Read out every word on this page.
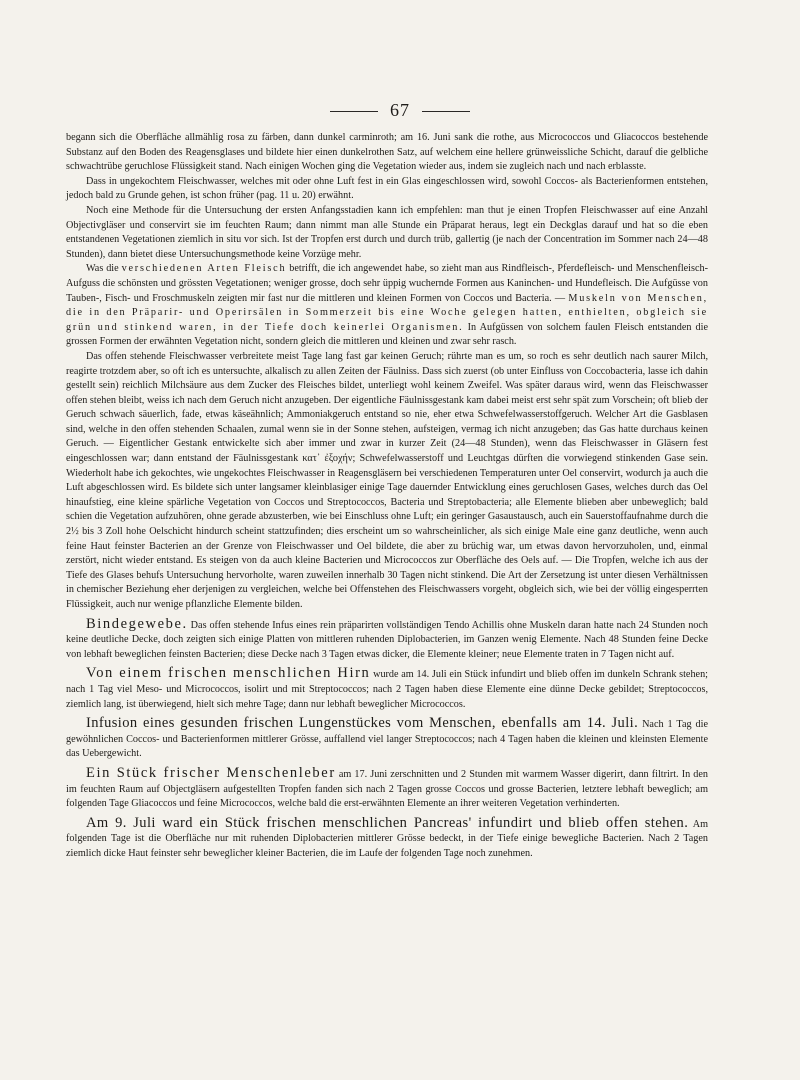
67

begann sich die Oberfläche allmählig rosa zu färben, dann dunkel carminroth; am 16. Juni sank die rothe, aus Micrococcos und Gliacoccos bestehende Substanz auf den Boden des Reagensglases und bildete hier einen dunkelrothen Satz, auf welchem eine hellere grünweissliche Schicht, darauf die gelbliche schwachtrübe geruchlose Flüssigkeit stand. Nach einigen Wochen ging die Vegetation wieder aus, indem sie zugleich nach und nach erblasste.

Dass in ungekochtem Fleischwasser, welches mit oder ohne Luft fest in ein Glas eingeschlossen wird, sowohl Coccos- als Bacterienformen entstehen, jedoch bald zu Grunde gehen, ist schon früher (pag. 11 u. 20) erwähnt.

Noch eine Methode für die Untersuchung der ersten Anfangsstadien kann ich empfehlen: man thut je einen Tropfen Fleischwasser auf eine Anzahl Objectivgläser und conservirt sie im feuchten Raum; dann nimmt man alle Stunde ein Präparat heraus, legt ein Deckglas darauf und hat so die eben entstandenen Vegetationen ziemlich in situ vor sich. Ist der Tropfen erst durch und durch trüb, gallertig (je nach der Concentration im Sommer nach 24—48 Stunden), dann bietet diese Untersuchungsmethode keine Vorzüge mehr.

Was die verschiedenen Arten Fleisch betrifft, die ich angewendet habe, so zieht man aus Rindfleisch-, Pferdefleisch- und Menschenfleisch-Aufguss die schönsten und grössten Vegetationen; weniger grosse, doch sehr üppig wuchernde Formen aus Kaninchen- und Hundefleisch. Die Aufgüsse von Tauben-, Fisch- und Froschmuskeln zeigten mir fast nur die mittleren und kleinen Formen von Coccos und Bacteria. — Muskeln von Menschen, die in den Präparir- und Operirsälen in Sommerzeit bis eine Woche gelegen hatten, enthielten, obgleich sie grün und stinkend waren, in der Tiefe doch keinerlei Organismen. In Aufgüssen von solchem faulen Fleisch entstanden die grossen Formen der erwähnten Vegetation nicht, sondern gleich die mittleren und kleinen und zwar sehr rasch.

Das offen stehende Fleischwasser verbreitete meist Tage lang fast gar keinen Geruch; rührte man es um, so roch es sehr deutlich nach saurer Milch, reagirte trotzdem aber, so oft ich es untersuchte, alkalisch zu allen Zeiten der Fäulniss. Dass sich zuerst (ob unter Einfluss von Coccobacteria, lasse ich dahin gestellt sein) reichlich Milchsäure aus dem Zucker des Fleisches bildet, unterliegt wohl keinem Zweifel. Was später daraus wird, wenn das Fleischwasser offen stehen bleibt, weiss ich nach dem Geruch nicht anzugeben. Der eigentliche Fäulnissgestank kam dabei meist erst sehr spät zum Vorschein; oft blieb der Geruch schwach säuerlich, fade, etwas käseähnlich; Ammoniakgeruch entstand so nie, eher etwa Schwefelwasserstoffgeruch. Welcher Art die Gasblasen sind, welche in den offen stehenden Schaalen, zumal wenn sie in der Sonne stehen, aufsteigen, vermag ich nicht anzugeben; das Gas hatte durchaus keinen Geruch. — Eigentlicher Gestank entwickelte sich aber immer und zwar in kurzer Zeit (24—48 Stunden), wenn das Fleischwasser in Gläsern fest eingeschlossen war; dann entstand der Fäulnissgestank κατ᾽ ἐξοχήν; Schwefelwasserstoff und Leuchtgas dürften die vorwiegend stinkenden Gase sein. Wiederholt habe ich gekochtes, wie ungekochtes Fleischwasser in Reagensgläsern bei verschiedenen Temperaturen unter Oel conservirt, wodurch ja auch die Luft abgeschlossen wird. Es bildete sich unter langsamer kleinblasiger einige Tage dauernder Entwicklung eines geruchlosen Gases, welches durch das Oel hinaufstieg, eine kleine spärliche Vegetation von Coccos und Streptococcos, Bacteria und Streptobacteria; alle Elemente blieben aber unbeweglich; bald schien die Vegetation aufzuhören, ohne gerade abzusterben, wie bei Einschluss ohne Luft; ein geringer Gasaustausch, auch ein Sauerstoffaufnahme durch die 2½ bis 3 Zoll hohe Oelschicht hindurch scheint stattzufinden; dies erscheint um so wahrscheinlicher, als sich einige Male eine ganz deutliche, wenn auch feine Haut feinster Bacterien an der Grenze von Fleischwasser und Oel bildete, die aber zu brüchig war, um etwas davon hervorzuholen, und, einmal zerstört, nicht wieder entstand. Es steigen von da auch kleine Bacterien und Micrococcos zur Oberfläche des Oels auf. — Die Tropfen, welche ich aus der Tiefe des Glases behufs Untersuchung hervorholte, waren zuweilen innerhalb 30 Tagen nicht stinkend. Die Art der Zersetzung ist unter diesen Verhältnissen in chemischer Beziehung eher derjenigen zu vergleichen, welche bei Offenstehen des Fleischwassers vorgeht, obgleich sich, wie bei der völlig eingesperrten Flüssigkeit, auch nur wenige pflanzliche Elemente bilden.

Bindegewebe. Das offen stehende Infus eines rein präparirten vollständigen Tendo Achillis ohne Muskeln daran hatte nach 24 Stunden noch keine deutliche Decke, doch zeigten sich einige Platten von mittleren ruhenden Diplobacterien, im Ganzen wenig Elemente. Nach 48 Stunden feine Decke von lebhaft beweglichen feinsten Bacterien; diese Decke nach 3 Tagen etwas dicker, die Elemente kleiner; neue Elemente traten in 7 Tagen nicht auf.

Von einem frischen menschlichen Hirn wurde am 14. Juli ein Stück infundirt und blieb offen im dunkeln Schrank stehen; nach 1 Tag viel Meso- und Micrococcos, isolirt und mit Streptococcos; nach 2 Tagen haben diese Elemente eine dünne Decke gebildet; Streptococcos, ziemlich lang, ist überwiegend, hielt sich mehre Tage; dann nur lebhaft beweglicher Micrococcos.

Infusion eines gesunden frischen Lungenstückes vom Menschen, ebenfalls am 14. Juli. Nach 1 Tag die gewöhnlichen Coccos- und Bacterienformen mittlerer Grösse, auffallend viel langer Streptococcos; nach 4 Tagen haben die kleinen und kleinsten Elemente das Uebergewicht.

Ein Stück frischer Menschenleber am 17. Juni zerschnitten und 2 Stunden mit warmem Wasser digerirt, dann filtrirt. In den im feuchten Raum auf Objectgläsern aufgestellten Tropfen fanden sich nach 2 Tagen grosse Coccos und grosse Bacterien, letztere lebhaft beweglich; am folgenden Tage Gliacoccos und feine Micrococcos, welche bald die erst-erwähnten Elemente an ihrer weiteren Vegetation verhinderten.

Am 9. Juli ward ein Stück frischen menschlichen Pancreas' infundirt und blieb offen stehen. Am folgenden Tage ist die Oberfläche nur mit ruhenden Diplobacterien mittlerer Grösse bedeckt, in der Tiefe einige bewegliche Bacterien. Nach 2 Tagen ziemlich dicke Haut feinster sehr beweglicher kleiner Bacterien, die im Laufe der folgenden Tage noch zunehmen.
